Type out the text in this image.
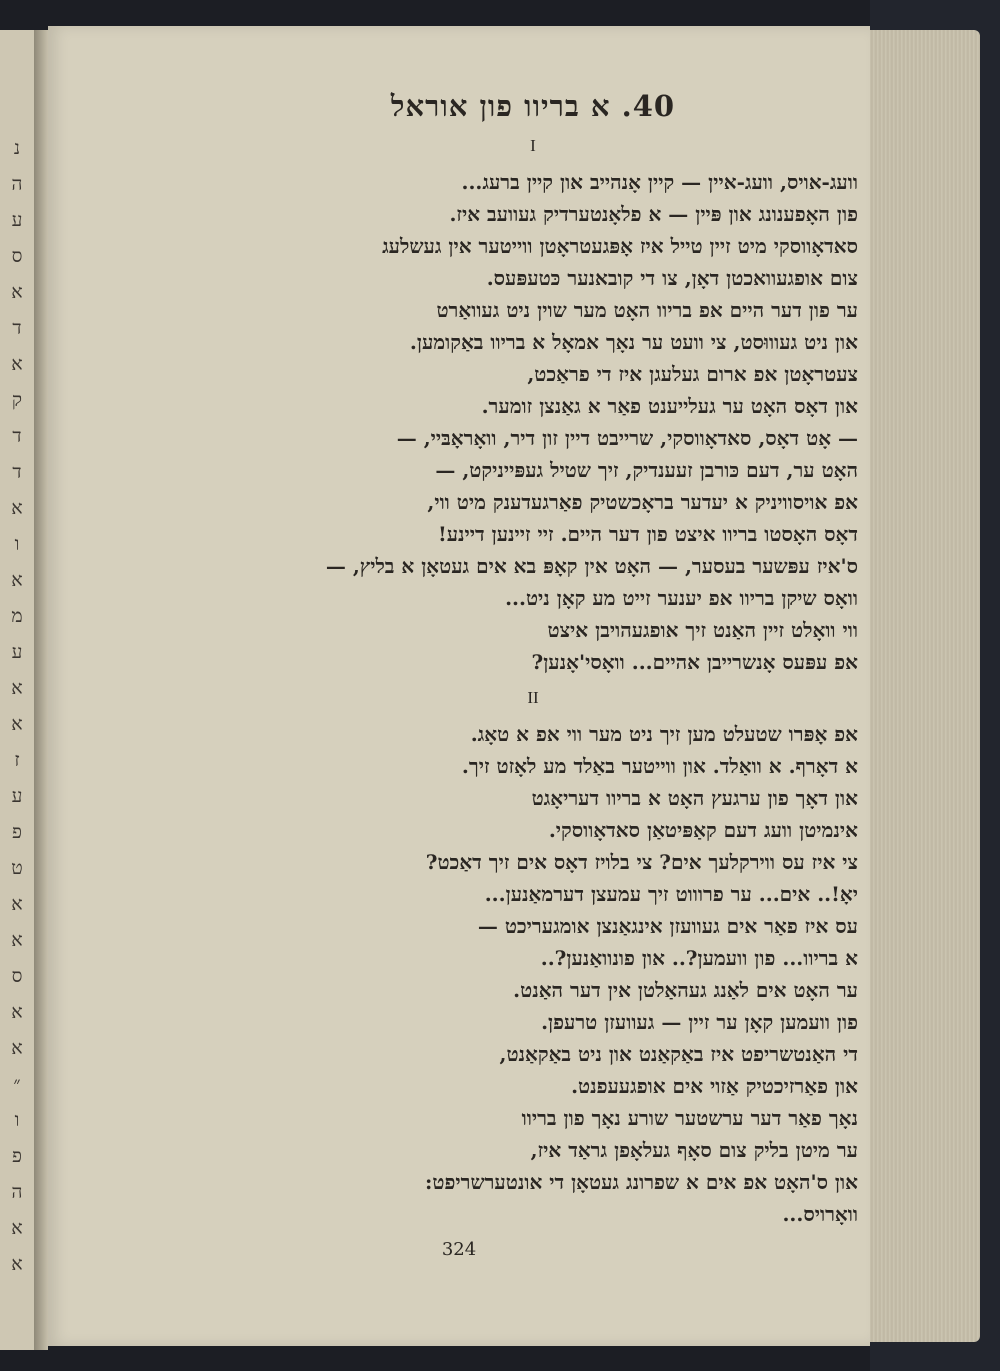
נ
ה
ע
ס
א
ד
א
ק
ד
ד
א
ו
א
מ
ע
א
א
ז
ע
פ
ט
א
א
ס
א
א
״
ו
פ
ה
א
א
40. א בריוו פון אוראל
I
וועג-אויס, וועג-איין — קיין אָנהייב און קיין ברעג...
פון האָפענונג און פּיין — א פלאָנטערדיק געוועב איז.
סאדאָווסקי מיט זיין טייל איז אָפּגעטראָטן ווייטער אין געשלעג
צום אופגעוואכטן דאָן, צו די קובאנער כּטעפּעס.
ער פון דער היים אפ בריוו האָט מער שוין ניט געוואַרט
און ניט געוווּסט, צי וועט ער נאָך אמאָל א בריוו באַקומען.
צעטראָטן אפ ארום געלעגן איז די פראַכט,
און דאָס האָט ער געלייענט פאַר א גאַנצן זומער.
— אָט דאָס, סאדאָווסקי, שרייבט דיין זון דיר, וואָראָבּיי, —
האָט ער, דעם כּורבן זעענדיק, זיך שטיל געפּייניקט, —
אפ אויסוויניק א יעדער בראָכשטיק פאַרגעדענק מיט ווי,
דאָס האָסטו בריוו איצט פון דער היים. זיי זיינען דיינע!
ס'איז עפּשער בעסער, — האָט אין קאָפּ בא אים געטאָן א בליץ, —
וואָס שיקן בריוו אפ יענער זייט מע קאָן ניט...
ווי וואָלט זיין האַנט זיך אופגעהויבן איצט
אפ עפּעס אָנשרייבן אהיים... וואָסי'אָנען?
II
אפ אָפּרו שטעלט מען זיך ניט מער ווי אפ א טאָג.
א דאָרף. א וואַלד. און ווייטער באַלד מע לאָזט זיך.
און דאָך פון ערגעץ האָט א בריוו דעריאָגט
אינמיטן וועג דעם קאַפּיטאַן סאדאָווסקי.
צי איז עס ווירקלעך אים? צי בלויז דאָס אים זיך דאַכט?
יאָ!.. אים... ער פרוווט זיך עמעצן דערמאַנען...
עס איז פאַר אים געוועזן אינגאַנצן אומגעריכט —
א בריוו... פון וועמען?.. און פונוואַנען?..
ער האָט אים לאַנג געהאַלטן אין דער האַנט.
פון וועמען קאָן ער זיין — געוועזן טרעפן.
די האַנטשריפט איז באַקאַנט און ניט באַקאַנט,
און פאַרזיכטיק אַזוי אים אופגעעפנט.
נאָך פאַר דער ערשטער שורע נאָך פון בריוו
ער מיטן בליק צום סאָף געלאָפן גראַד איז,
און ס'האָט אפ אים א שפרונג געטאָן די אונטערשריפט:
וואָרויס...
324
